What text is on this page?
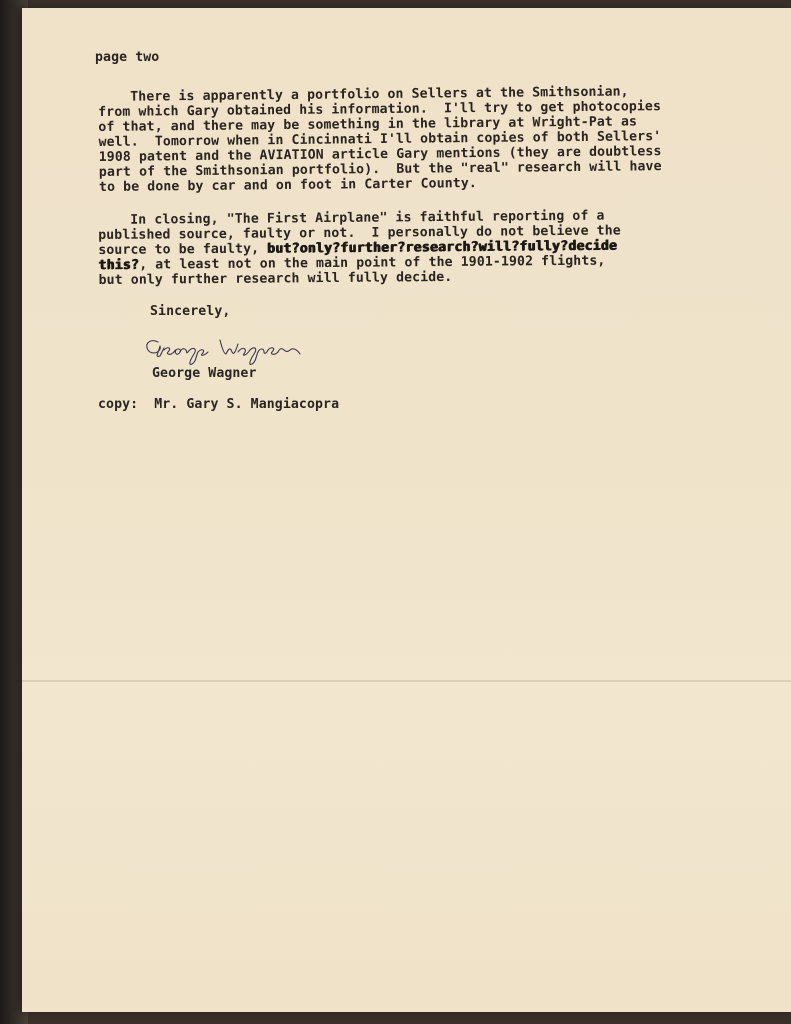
page two

There is apparently a portfolio on Sellers at the Smithsonian,
from which Gary obtained his information.  I'll try to get photocopies
of that, and there may be something in the library at Wright-Pat as
well.  Tomorrow when in Cincinnati I'll obtain copies of both Sellers'
1908 patent and the AVIATION article Gary mentions (they are doubtless
part of the Smithsonian portfolio).  But the "real" research will have
to be done by car and on foot in Carter County.
In closing, "The First Airplane" is faithful reporting of a
published source, faulty or not.  I personally do not believe the
source to be faulty, but?only?further?research?will?fully?decide
this?, at least not on the main point of the 1901-1902 flights,
but only further research will fully decide.

Sincerely,

George Wagner

George Wagner

copy: Mr. Gary S. Mangiacopra
